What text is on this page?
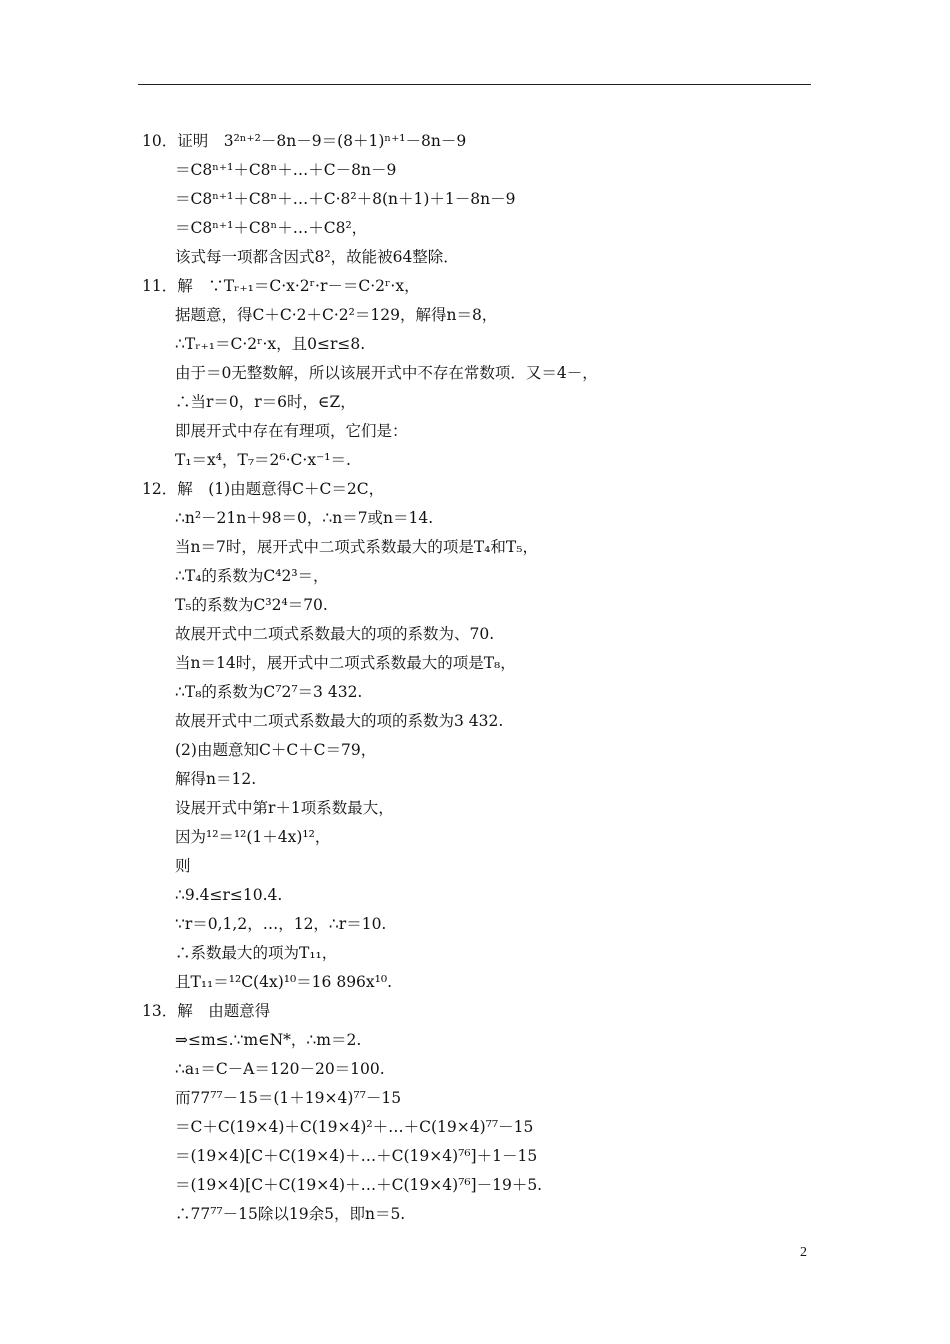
10．证明　3²ⁿ⁺²－8n－9＝(8＋1)ⁿ⁺¹－8n－9
＝C8ⁿ⁺¹＋C8ⁿ＋…＋C－8n－9
＝C8ⁿ⁺¹＋C8ⁿ＋…＋C·8²＋8(n＋1)＋1－8n－9
＝C8ⁿ⁺¹＋C8ⁿ＋…＋C8²，
该式每一项都含因式8²，故能被64整除．
11．解　∵Tᵣ₊₁＝C·x·2ʳ·r－＝C·2ʳ·x，
据题意，得C＋C·2＋C·2²＝129，解得n＝8，
∴Tᵣ₊₁＝C·2ʳ·x，且0≤r≤8.
由于＝0无整数解，所以该展开式中不存在常数项．又＝4－，
∴当r＝0，r＝6时，∈Z，
即展开式中存在有理项，它们是：
T₁＝x⁴，T₇＝2⁶·C·x⁻¹＝.
12．解　(1)由题意得C＋C＝2C，
∴n²－21n＋98＝0，∴n＝7或n＝14.
当n＝7时，展开式中二项式系数最大的项是T₄和T₅，
∴T₄的系数为C⁴2³＝，
T₅的系数为C³2⁴＝70.
故展开式中二项式系数最大的项的系数为、70.
当n＝14时，展开式中二项式系数最大的项是T₈，
∴T₈的系数为C⁷2⁷＝3 432.
故展开式中二项式系数最大的项的系数为3 432.
(2)由题意知C＋C＋C＝79，
解得n＝12.
设展开式中第r＋1项系数最大，
因为¹²＝¹²(1＋4x)¹²，
则
∴9.4≤r≤10.4.
∵r＝0,1,2，…，12，∴r＝10.
∴系数最大的项为T₁₁，
且T₁₁＝¹²C(4x)¹⁰＝16 896x¹⁰.
13．解　由题意得
⇒≤m≤.∵m∈N*，∴m＝2.
∴a₁＝C－A＝120－20＝100.
而77⁷⁷－15＝(1＋19×4)⁷⁷－15
＝C＋C(19×4)＋C(19×4)²＋…＋C(19×4)⁷⁷－15
＝(19×4)[C＋C(19×4)＋…＋C(19×4)⁷⁶]＋1－15
＝(19×4)[C＋C(19×4)＋…＋C(19×4)⁷⁶]－19＋5.
∴77⁷⁷－15除以19余5，即n＝5.
2
